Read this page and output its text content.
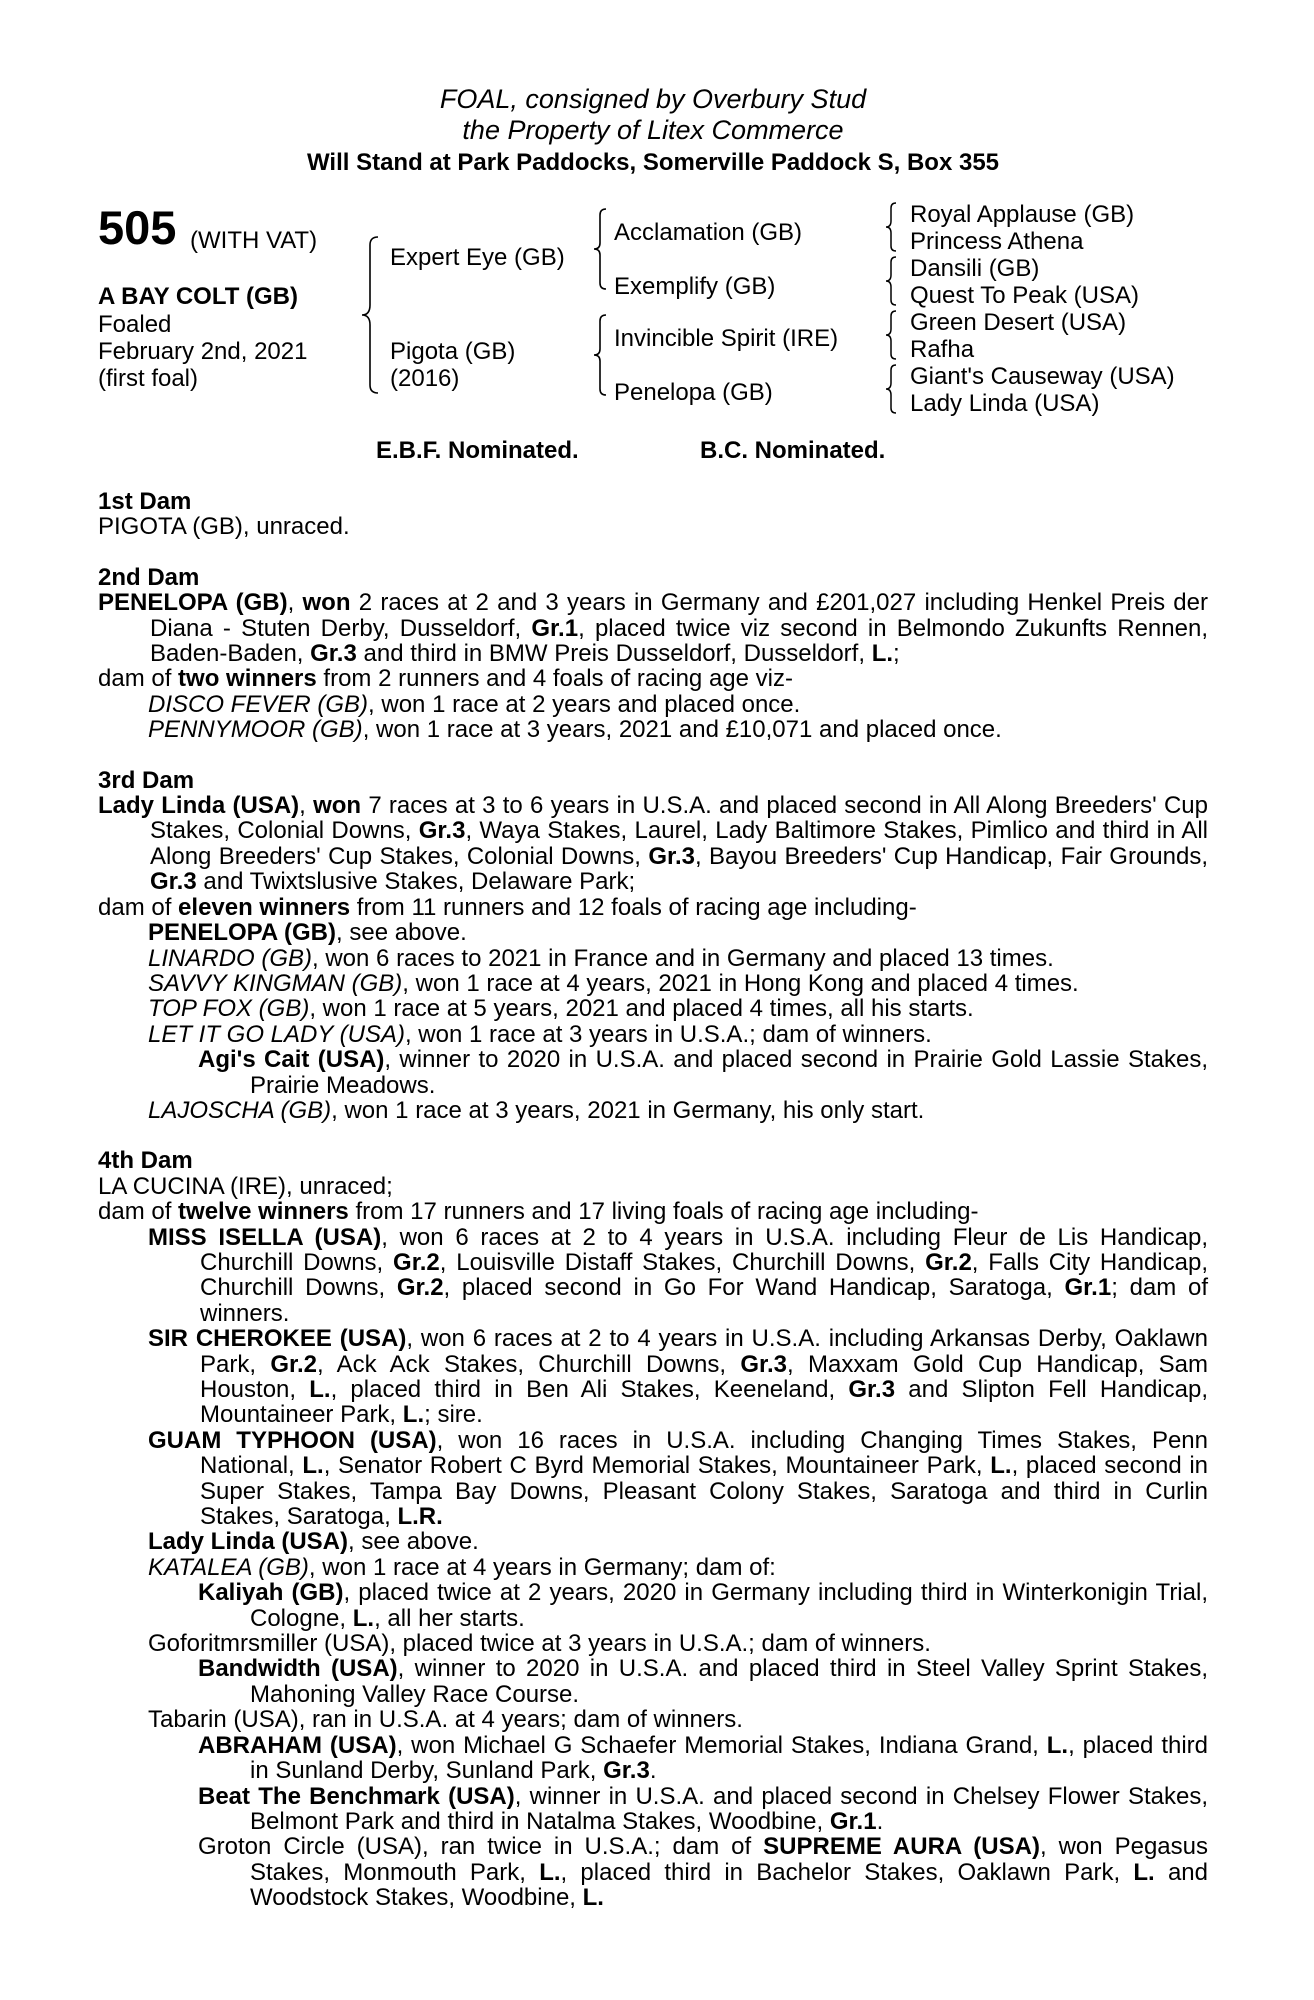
FOAL, consigned by Overbury Stud
the Property of Litex Commerce
Will Stand at Park Paddocks, Somerville Paddock S, Box 355
505 (WITH VAT)
A BAY COLT (GB)
Foaled
February 2nd, 2021
(first foal)
Expert Eye (GB)
Pigota (GB)
(2016)
Acclamation (GB)
Exemplify (GB)
Invincible Spirit (IRE)
Penelopa (GB)
Royal Applause (GB)
Princess Athena
Dansili (GB)
Quest To Peak (USA)
Green Desert (USA)
Rafha
Giant's Causeway (USA)
Lady Linda (USA)
E.B.F. Nominated.	B.C. Nominated.
1st Dam

PIGOTA (GB), unraced.

2nd Dam

PENELOPA (GB), won 2 races at 2 and 3 years in Germany and £201,027 including Henkel Preis der Diana - Stuten Derby, Dusseldorf, Gr.1, placed twice viz second in Belmondo Zukunfts Rennen, Baden-Baden, Gr.3 and third in BMW Preis Dusseldorf, Dusseldorf, L.;

dam of two winners from 2 runners and 4 foals of racing age viz-

DISCO FEVER (GB), won 1 race at 2 years and placed once.

PENNYMOOR (GB), won 1 race at 3 years, 2021 and £10,071 and placed once.

3rd Dam

Lady Linda (USA), won 7 races at 3 to 6 years in U.S.A. and placed second in All Along Breeders' Cup Stakes, Colonial Downs, Gr.3, Waya Stakes, Laurel, Lady Baltimore Stakes, Pimlico and third in All Along Breeders' Cup Stakes, Colonial Downs, Gr.3, Bayou Breeders' Cup Handicap, Fair Grounds, Gr.3 and Twixtslusive Stakes, Delaware Park;

dam of eleven winners from 11 runners and 12 foals of racing age including-

PENELOPA (GB), see above.

LINARDO (GB), won 6 races to 2021 in France and in Germany and placed 13 times.

SAVVY KINGMAN (GB), won 1 race at 4 years, 2021 in Hong Kong and placed 4 times.

TOP FOX (GB), won 1 race at 5 years, 2021 and placed 4 times, all his starts.

LET IT GO LADY (USA), won 1 race at 3 years in U.S.A.; dam of winners.

Agi's Cait (USA), winner to 2020 in U.S.A. and placed second in Prairie Gold Lassie Stakes, Prairie Meadows.

LAJOSCHA (GB), won 1 race at 3 years, 2021 in Germany, his only start.

4th Dam

LA CUCINA (IRE), unraced;

dam of twelve winners from 17 runners and 17 living foals of racing age including-

MISS ISELLA (USA), won 6 races at 2 to 4 years in U.S.A. including Fleur de Lis Handicap, Churchill Downs, Gr.2, Louisville Distaff Stakes, Churchill Downs, Gr.2, Falls City Handicap, Churchill Downs, Gr.2, placed second in Go For Wand Handicap, Saratoga, Gr.1; dam of winners.

SIR CHEROKEE (USA), won 6 races at 2 to 4 years in U.S.A. including Arkansas Derby, Oaklawn Park, Gr.2, Ack Ack Stakes, Churchill Downs, Gr.3, Maxxam Gold Cup Handicap, Sam Houston, L., placed third in Ben Ali Stakes, Keeneland, Gr.3 and Slipton Fell Handicap, Mountaineer Park, L.; sire.

GUAM TYPHOON (USA), won 16 races in U.S.A. including Changing Times Stakes, Penn National, L., Senator Robert C Byrd Memorial Stakes, Mountaineer Park, L., placed second in Super Stakes, Tampa Bay Downs, Pleasant Colony Stakes, Saratoga and third in Curlin Stakes, Saratoga, L.R.

Lady Linda (USA), see above.

KATALEA (GB), won 1 race at 4 years in Germany; dam of:

Kaliyah (GB), placed twice at 2 years, 2020 in Germany including third in Winterkonigin Trial, Cologne, L., all her starts.

Goforitmrsmiller (USA), placed twice at 3 years in U.S.A.; dam of winners.

Bandwidth (USA), winner to 2020 in U.S.A. and placed third in Steel Valley Sprint Stakes, Mahoning Valley Race Course.

Tabarin (USA), ran in U.S.A. at 4 years; dam of winners.

ABRAHAM (USA), won Michael G Schaefer Memorial Stakes, Indiana Grand, L., placed third in Sunland Derby, Sunland Park, Gr.3.

Beat The Benchmark (USA), winner in U.S.A. and placed second in Chelsey Flower Stakes, Belmont Park and third in Natalma Stakes, Woodbine, Gr.1.

Groton Circle (USA), ran twice in U.S.A.; dam of SUPREME AURA (USA), won Pegasus Stakes, Monmouth Park, L., placed third in Bachelor Stakes, Oaklawn Park, L. and Woodstock Stakes, Woodbine, L.
